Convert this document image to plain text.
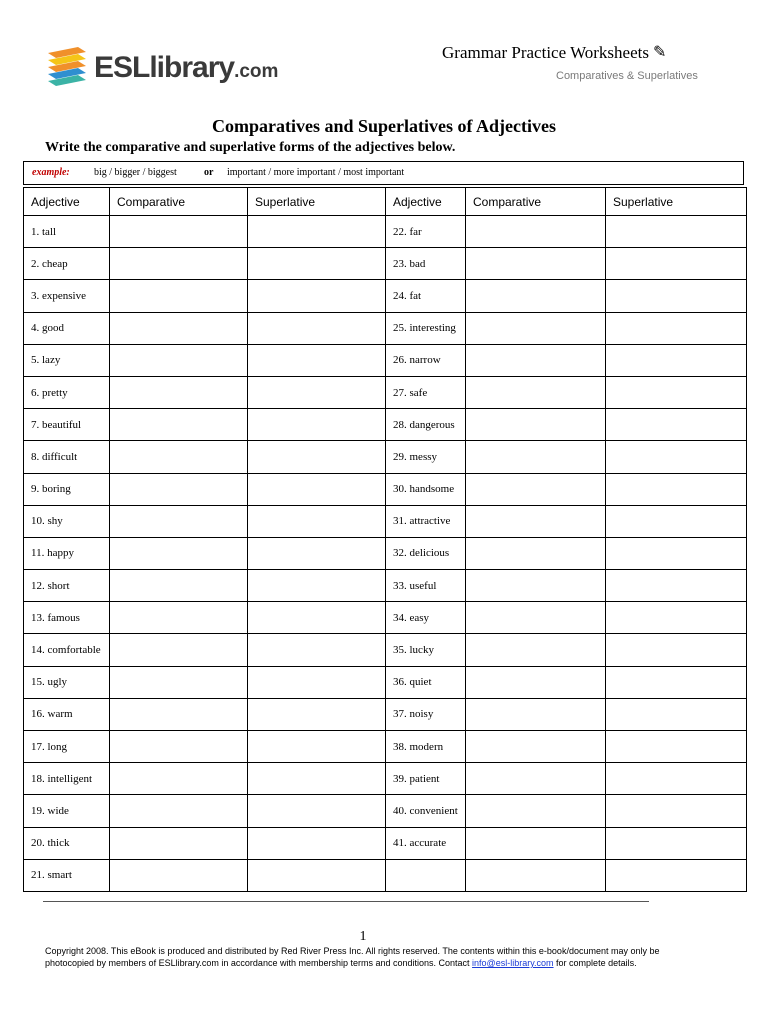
ESLlibrary.com
Grammar Practice Worksheets ✎
Comparatives & Superlatives
Comparatives and Superlatives of Adjectives
Write the comparative and superlative forms of the adjectives below.
example: big / bigger / biggest	or important / more important / most important
Adjective	Comparative	Superlative	Adjective	Comparative	Superlative
1. tall			22. far		
2. cheap			23. bad		
3. expensive			24. fat		
4. good			25. interesting		
5. lazy			26. narrow		
6. pretty			27. safe		
7. beautiful			28. dangerous		
8. difficult			29. messy		
9. boring			30. handsome		
10. shy			31. attractive		
11. happy			32. delicious		
12. short			33. useful		
13. famous			34. easy		
14. comfortable			35. lucky		
15. ugly			36. quiet		
16. warm			37. noisy		
17. long			38. modern		
18. intelligent			39. patient		
19. wide			40. convenient		
20. thick			41. accurate		
21. smart					
1
Copyright 2008. This eBook is produced and distributed by Red River Press Inc. All rights reserved. The contents within this e-book/document may only be photocopied by members of ESLlibrary.com in accordance with membership terms and conditions. Contact info@esl-library.com for complete details.
